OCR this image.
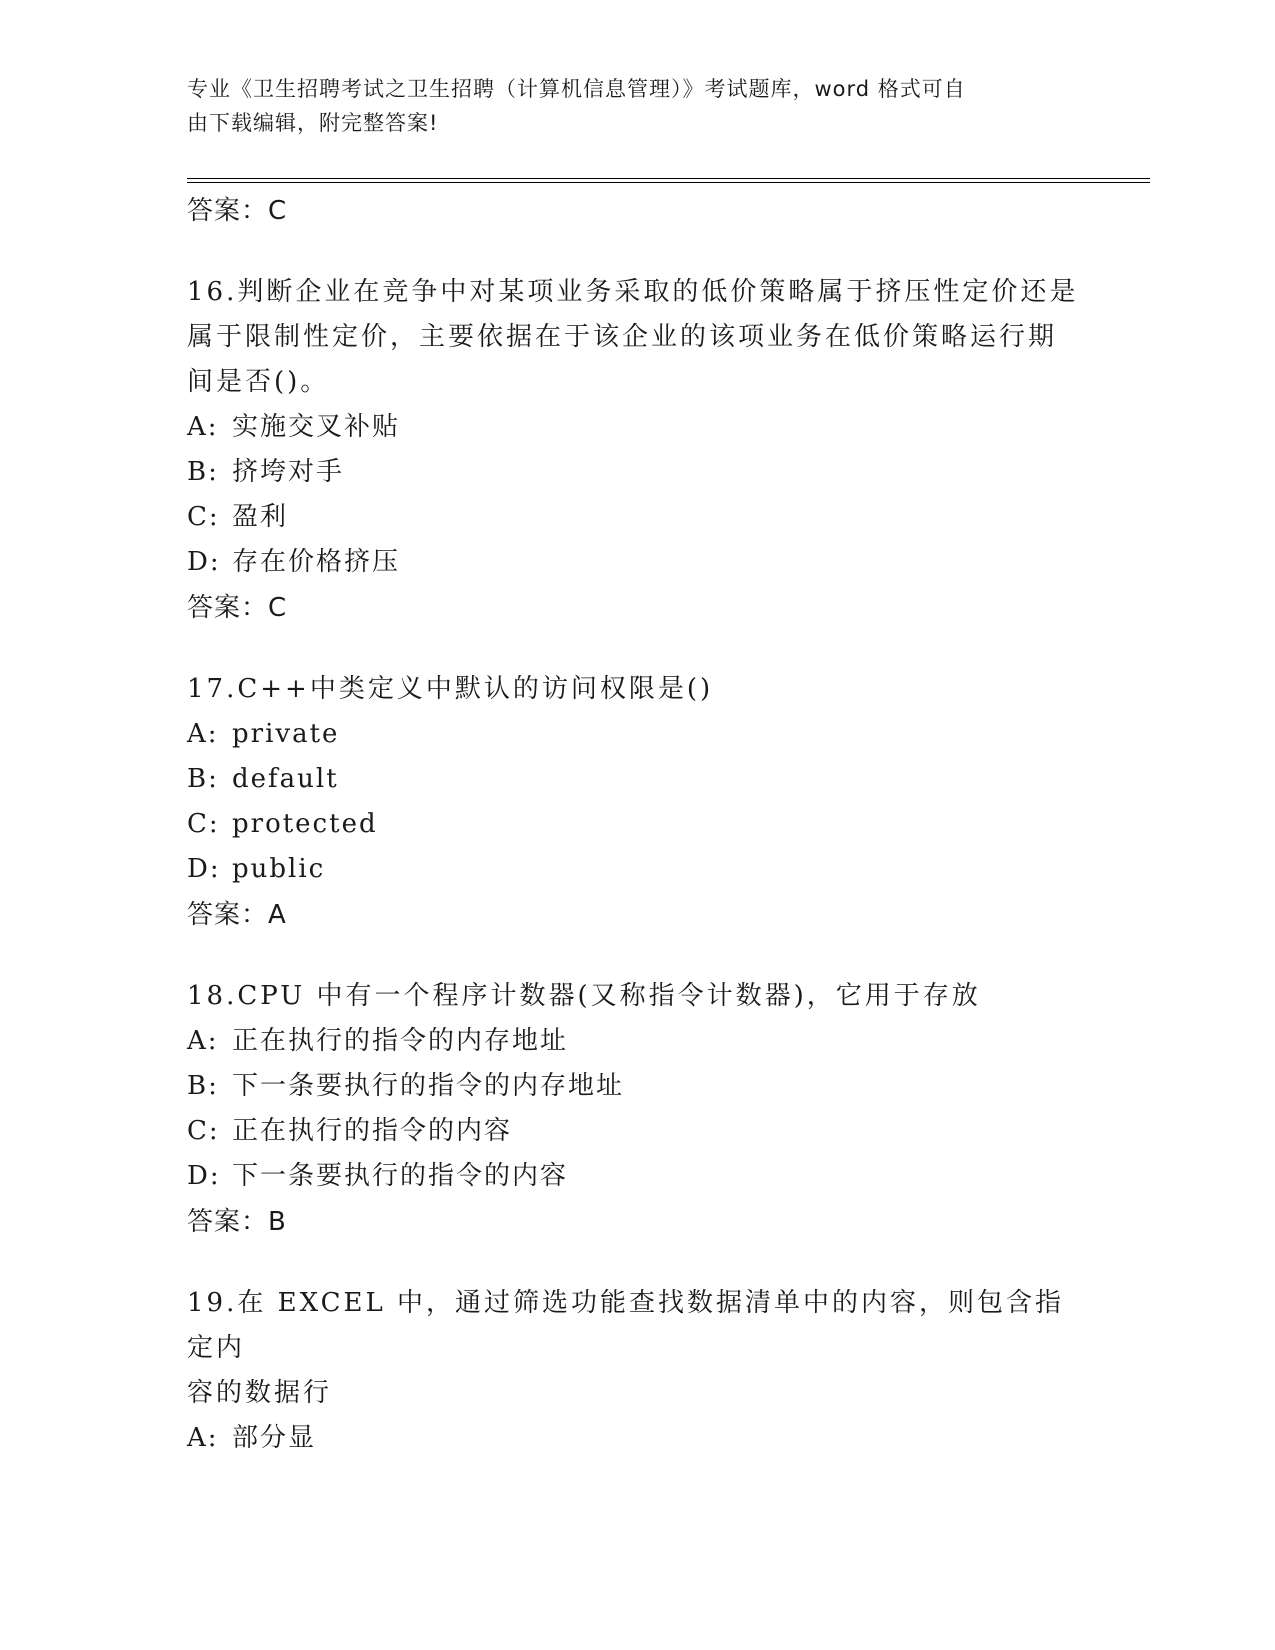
专业《卫生招聘考试之卫生招聘（计算机信息管理）》考试题库，word 格式可自
由下载编辑，附完整答案!
答案：C
16.判断企业在竞争中对某项业务采取的低价策略属于挤压性定价还是
属于限制性定价，主要依据在于该企业的该项业务在低价策略运行期
间是否()。
A: 实施交叉补贴
B: 挤垮对手
C: 盈利
D: 存在价格挤压
答案：C
17.C++中类定义中默认的访问权限是()
A: private
B: default
C: protected
D: public
答案：A
18.CPU 中有一个程序计数器(又称指令计数器)，它用于存放
A: 正在执行的指令的内存地址
B: 下一条要执行的指令的内存地址
C: 正在执行的指令的内容
D: 下一条要执行的指令的内容
答案：B
19.在 EXCEL 中，通过筛选功能查找数据清单中的内容，则包含指定内
容的数据行
A: 部分显
